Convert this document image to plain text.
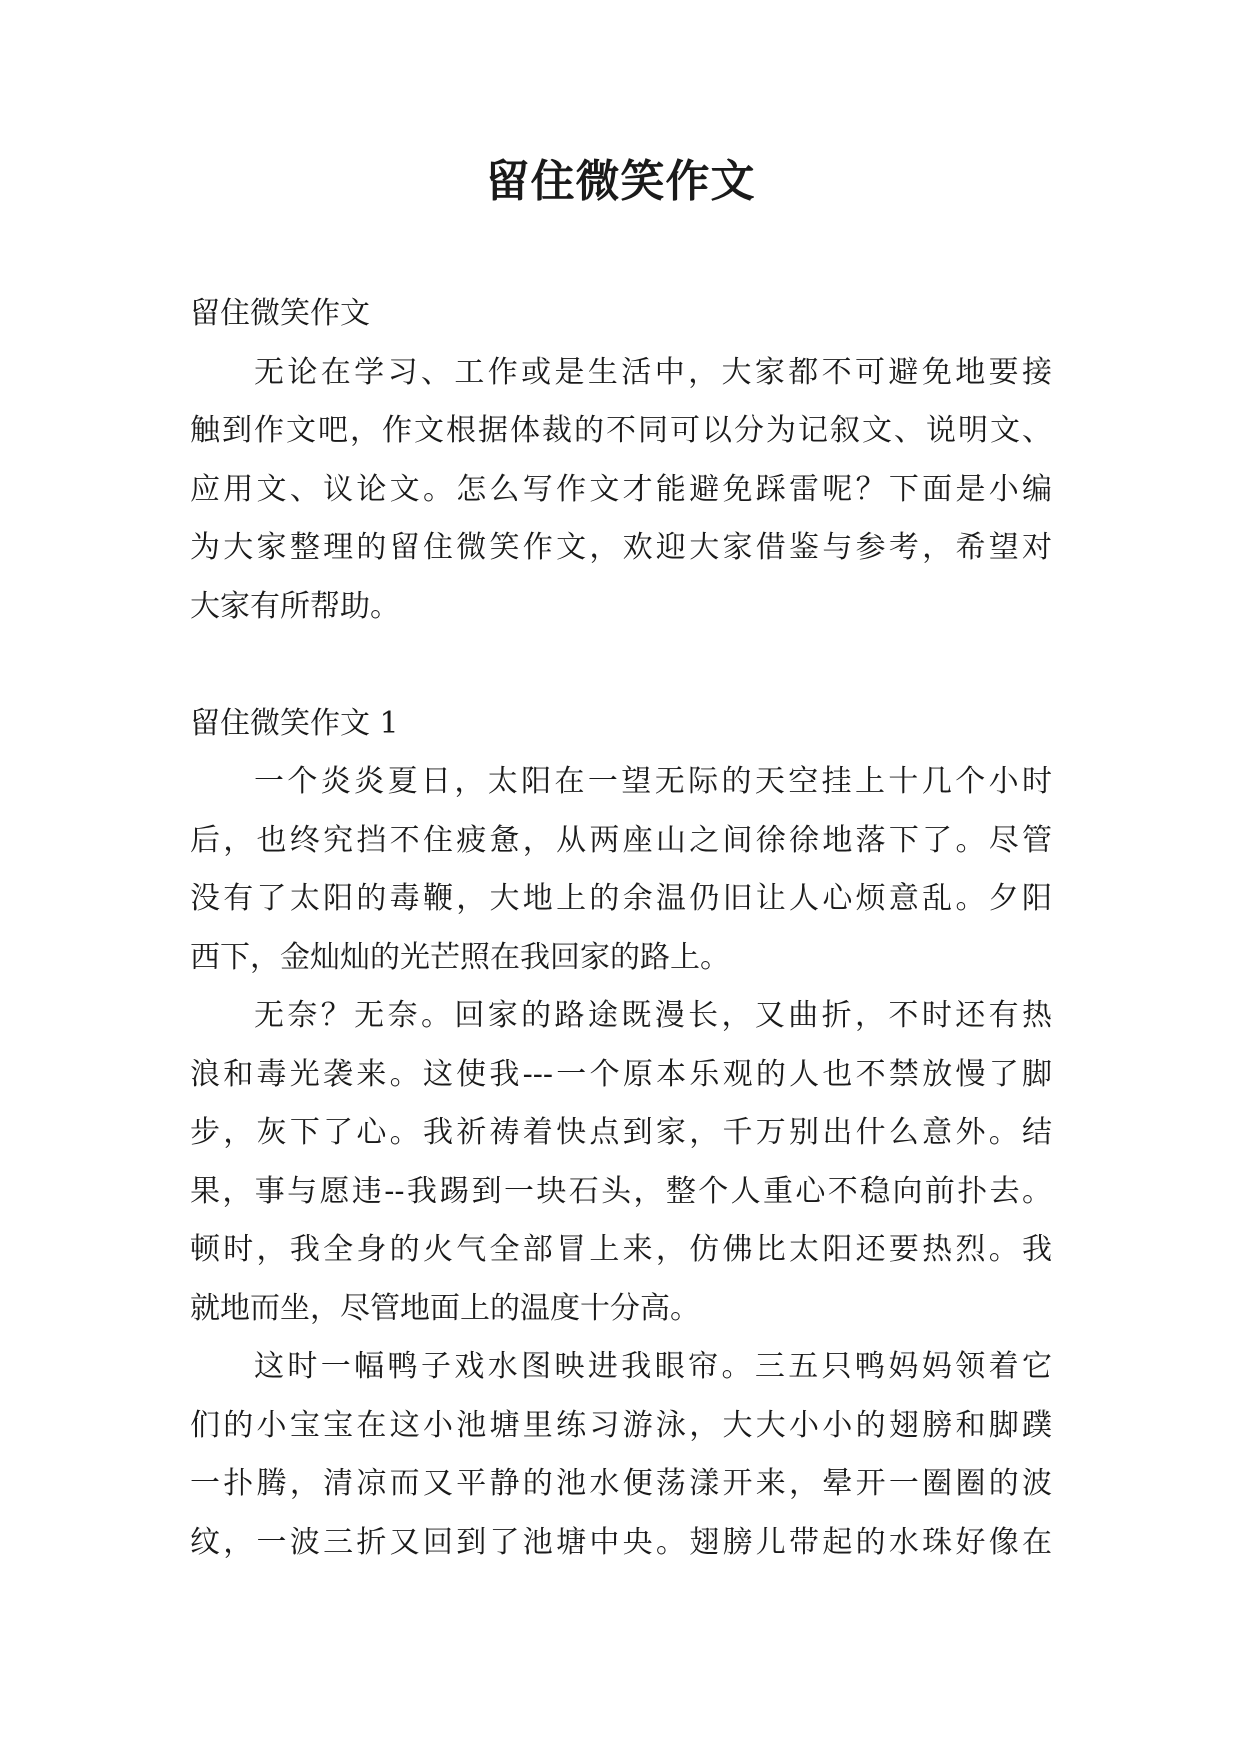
留住微笑作文
留住微笑作文
无论在学习、工作或是生活中，大家都不可避免地要接
触到作文吧，作文根据体裁的不同可以分为记叙文、说明文、
应用文、议论文。怎么写作文才能避免踩雷呢？下面是小编
为大家整理的留住微笑作文，欢迎大家借鉴与参考，希望对
大家有所帮助。
留住微笑作文 1
一个炎炎夏日，太阳在一望无际的天空挂上十几个小时
后，也终究挡不住疲惫，从两座山之间徐徐地落下了。尽管
没有了太阳的毒鞭，大地上的余温仍旧让人心烦意乱。夕阳
西下，金灿灿的光芒照在我回家的路上。
无奈？无奈。回家的路途既漫长，又曲折，不时还有热
浪和毒光袭来。这使我---一个原本乐观的人也不禁放慢了脚
步，灰下了心。我祈祷着快点到家，千万别出什么意外。结
果，事与愿违--我踢到一块石头，整个人重心不稳向前扑去。
顿时，我全身的火气全部冒上来，仿佛比太阳还要热烈。我
就地而坐，尽管地面上的温度十分高。
这时一幅鸭子戏水图映进我眼帘。三五只鸭妈妈领着它
们的小宝宝在这小池塘里练习游泳，大大小小的翅膀和脚蹼
一扑腾，清凉而又平静的池水便荡漾开来，晕开一圈圈的波
纹，一波三折又回到了池塘中央。翅膀儿带起的水珠好像在
